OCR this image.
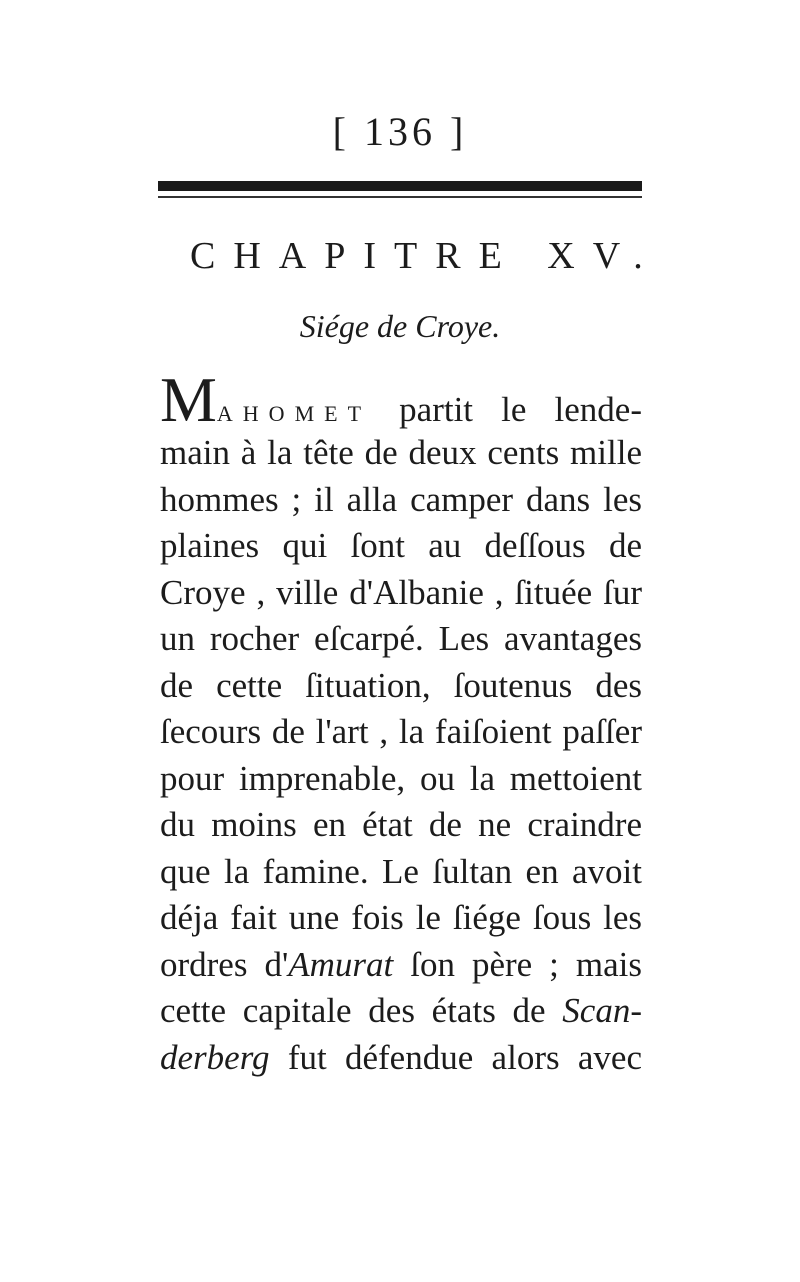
[ 136 ]
CHAPITRE XV.
Siége de Croye.
MAHOMET partit le lende-
main à la tête de deux cents mille
hommes ; il alla camper dans les
plaines qui ſont au deſſous de
Croye , ville d'Albanie , ſituée ſur
un rocher eſcarpé. Les avantages
de cette ſituation, ſoutenus des
ſecours de l'art , la faiſoient paſſer
pour imprenable, ou la mettoient
du moins en état de ne craindre
que la famine. Le ſultan en avoit
déja fait une fois le ſiége ſous les
ordres d'Amurat ſon père ; mais
cette capitale des états de Scan-
derberg fut défendue alors avec
